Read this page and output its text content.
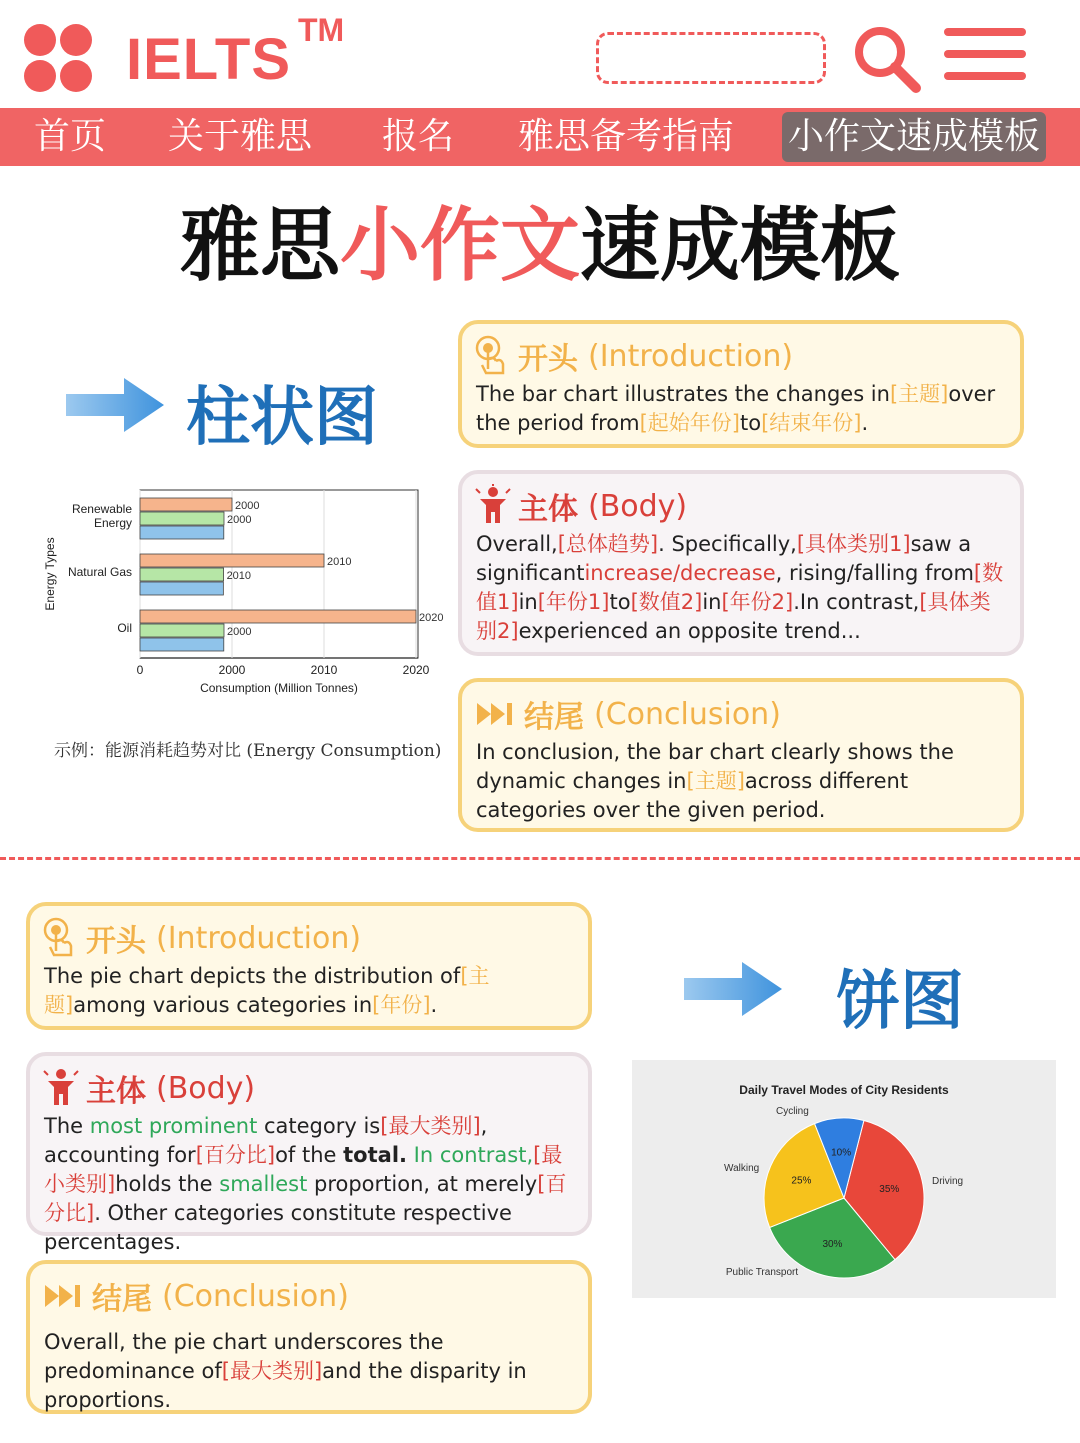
IELTS TM
首页 关于雅思 报名 雅思备考指南 小作文速成模板
雅思小作文速成模板
柱状图
开头 (Introduction)
The bar chart illustrates the changes in[主题]over the period from[起始年份]to[结束年份].
主体 (Body)
Overall,[总体趋势]. Specifically,[具体类别1]saw a significantincrease/decrease, rising/falling from[数值1]in[年份1]to[数值2]in[年份2].In contrast,[具体类别2]experienced an opposite trend...
结尾 (Conclusion)
In conclusion, the bar chart clearly shows the dynamic changes in[主题]across different categories over the given period.
0	2000	2010	2020
Consumption (Million Tonnes)
Energy Types
Renewable
Energy
2000
2000
Natural Gas
2010
2010
Oil
2020
2000
示例：能源消耗趋势对比 (Energy Consumption)
开头 (Introduction)
The pie chart depicts the distribution of[主题]among various categories in[年份].
主体 (Body)
The most prominent category is[最大类别], accounting for[百分比]of the total. In contrast,[最小类别]holds the smallest proportion, at merely[百分比]. Other categories constitute respective percentages.
结尾 (Conclusion)
Overall, the pie chart underscores the predominance of[最大类别]and the disparity in proportions.
饼图
Daily Travel Modes of City Residents
35%
Driving
30%
Public Transport
25%
Walking
10%
Cycling
